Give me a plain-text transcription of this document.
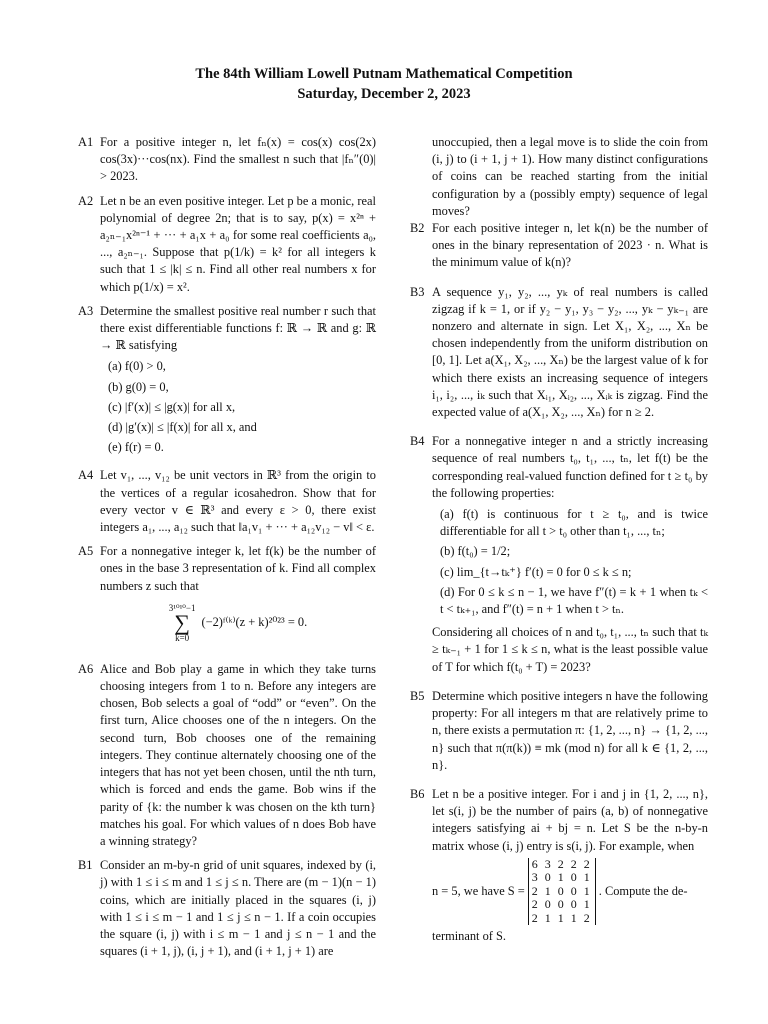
The 84th William Lowell Putnam Mathematical Competition
Saturday, December 2, 2023
A1 For a positive integer n, let fₙ(x) = cos(x) cos(2x) cos(3x)···cos(nx). Find the smallest n such that |fₙ″(0)| > 2023.
A2 Let n be an even positive integer. Let p be a monic, real polynomial of degree 2n; that is to say, p(x) = x²ⁿ + a₂ₙ₋₁x²ⁿ⁻¹ + ··· + a₁x + a₀ for some real coefficients a₀, ..., a₂ₙ₋₁. Suppose that p(1/k) = k² for all integers k such that 1 ≤ |k| ≤ n. Find all other real numbers x for which p(1/x) = x².
A3 Determine the smallest positive real number r such that there exist differentiable functions f: ℝ → ℝ and g: ℝ → ℝ satisfying
(a) f(0) > 0,
(b) g(0) = 0,
(c) |f′(x)| ≤ |g(x)| for all x,
(d) |g′(x)| ≤ |f(x)| for all x, and
(e) f(r) = 0.
A4 Let v₁, ..., v₁₂ be unit vectors in ℝ³ from the origin to the vertices of a regular icosahedron. Show that for every vector v ∈ ℝ³ and every ε > 0, there exist integers a₁, ..., a₁₂ such that ‖a₁v₁ + ··· + a₁₂v₁₂ − v‖ < ε.
A5 For a nonnegative integer k, let f(k) be the number of ones in the base 3 representation of k. Find all complex numbers z such that
3¹⁰¹⁰−1
∑
k=0
(−2)ᶠ⁽ᵏ⁾(z + k)²⁰²³ = 0.
A6 Alice and Bob play a game in which they take turns choosing integers from 1 to n. Before any integers are chosen, Bob selects a goal of “odd” or “even”. On the first turn, Alice chooses one of the n integers. On the second turn, Bob chooses one of the remaining integers. They continue alternately choosing one of the integers that has not yet been chosen, until the nth turn, which is forced and ends the game. Bob wins if the parity of {k: the number k was chosen on the kth turn} matches his goal. For which values of n does Bob have a winning strategy?
B1 Consider an m-by-n grid of unit squares, indexed by (i, j) with 1 ≤ i ≤ m and 1 ≤ j ≤ n. There are (m − 1)(n − 1) coins, which are initially placed in the squares (i, j) with 1 ≤ i ≤ m − 1 and 1 ≤ j ≤ n − 1. If a coin occupies the square (i, j) with i ≤ m − 1 and j ≤ n − 1 and the squares (i + 1, j), (i, j + 1), and (i + 1, j + 1) are
unoccupied, then a legal move is to slide the coin from (i, j) to (i + 1, j + 1). How many distinct configurations of coins can be reached starting from the initial configuration by a (possibly empty) sequence of legal moves?
B2 For each positive integer n, let k(n) be the number of ones in the binary representation of 2023 · n. What is the minimum value of k(n)?
B3 A sequence y₁, y₂, ..., yₖ of real numbers is called zigzag if k = 1, or if y₂ − y₁, y₃ − y₂, ..., yₖ − yₖ₋₁ are nonzero and alternate in sign. Let X₁, X₂, ..., Xₙ be chosen independently from the uniform distribution on [0, 1]. Let a(X₁, X₂, ..., Xₙ) be the largest value of k for which there exists an increasing sequence of integers i₁, i₂, ..., iₖ such that Xᵢ₁, Xᵢ₂, ..., Xᵢₖ is zigzag. Find the expected value of a(X₁, X₂, ..., Xₙ) for n ≥ 2.
B4 For a nonnegative integer n and a strictly increasing sequence of real numbers t₀, t₁, ..., tₙ, let f(t) be the corresponding real-valued function defined for t ≥ t₀ by the following properties:
(a) f(t) is continuous for t ≥ t₀, and is twice differentiable for all t > t₀ other than t₁, ..., tₙ;
(b) f(t₀) = 1/2;
(c) lim_{t→tₖ⁺} f′(t) = 0 for 0 ≤ k ≤ n;
(d) For 0 ≤ k ≤ n − 1, we have f″(t) = k + 1 when tₖ < t < tₖ₊₁, and f″(t) = n + 1 when t > tₙ.
Considering all choices of n and t₀, t₁, ..., tₙ such that tₖ ≥ tₖ₋₁ + 1 for 1 ≤ k ≤ n, what is the least possible value of T for which f(t₀ + T) = 2023?
B5 Determine which positive integers n have the following property: For all integers m that are relatively prime to n, there exists a permutation π: {1, 2, ..., n} → {1, 2, ..., n} such that π(π(k)) ≡ mk (mod n) for all k ∈ {1, 2, ..., n}.
B6 Let n be a positive integer. For i and j in {1, 2, ..., n}, let s(i, j) be the number of pairs (a, b) of nonnegative integers satisfying ai + bj = n. Let S be the n-by-n matrix whose (i, j) entry is s(i, j). For example, when
n = 5, we have S =
6 3 2 2 2
3 0 1 0 1
2 1 0 0 1
2 0 0 0 1
2 1 1 1 2
. Compute the de-
terminant of S.
